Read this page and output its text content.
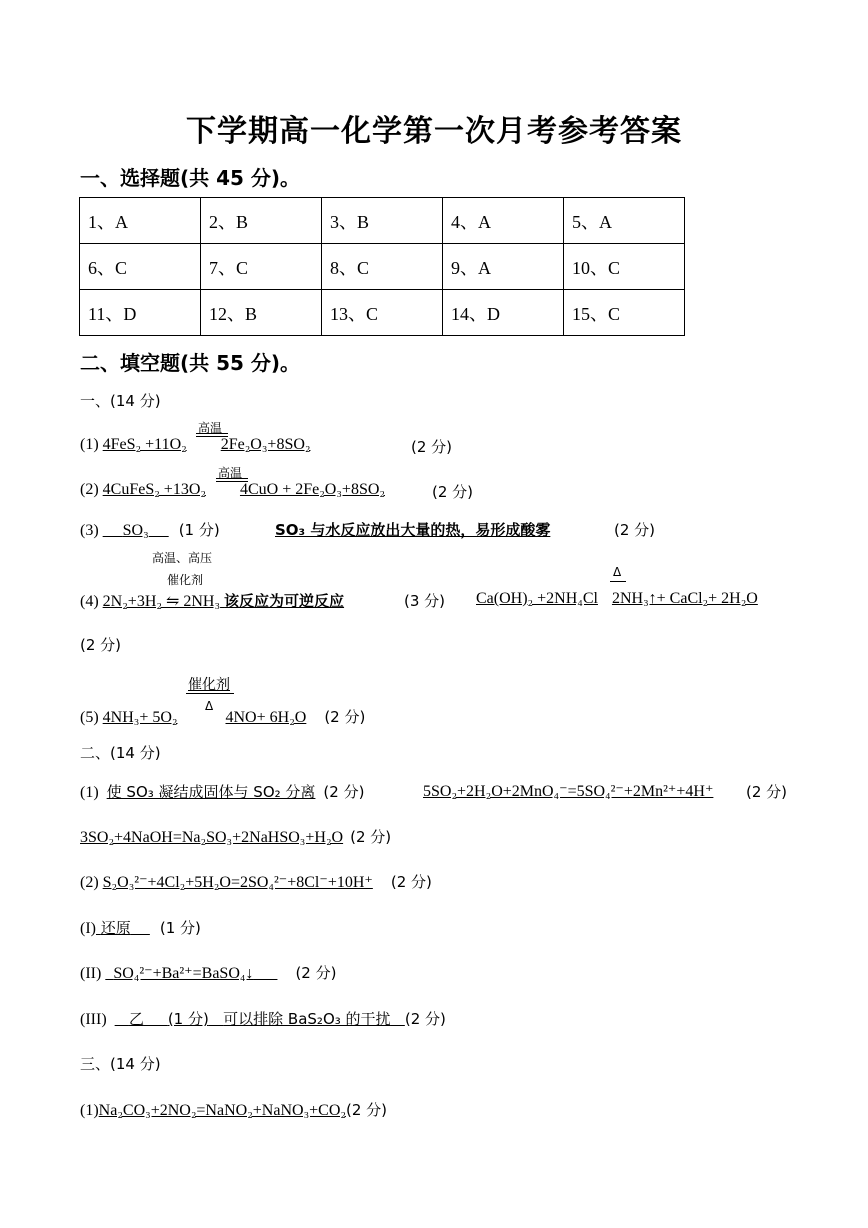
下学期高一化学第一次月考参考答案
一、选择题(共 45 分)。
1、A	2、B	3、B	4、A	5、A
6、C	7、C	8、C	9、A	10、C
11、D	12、B	13、C	14、D	15、C
二、填空题(共 55 分)。
一、(14 分)
高温
(1) 4FeS₂ +11O₂ 2Fe₂O₃+8SO₂	(2 分)
高温
(2) 4CuFeS₂ +13O₂ 4CuO + 2Fe₂O₃+8SO₂	(2 分)
(3) SO₃ (1 分)	SO₃ 与水反应放出大量的热，易形成酸雾	(2 分)
高温、高压
催化剂
Δ
(4) 2N₂+3H₂ ⇋ 2NH₃ 该反应为可逆反应	(3 分) Ca(OH)₂ +2NH₄Cl 2NH₃↑+ CaCl₂+ 2H₂O
(2 分)
催化剂
Δ
(5) 4NH₃+ 5O₂	4NO+ 6H₂O (2 分)
二、(14 分)
(1) 使 SO₃ 凝结成固体与 SO₂ 分离 (2 分)	5SO₂+2H₂O+2MnO₄⁻=5SO₄²⁻+2Mn²⁺+4H⁺ (2 分)
3SO₂+4NaOH=Na₂SO₃+2NaHSO₃+H₂O (2 分)
(2) S₂O₃²⁻+4Cl₂+5H₂O=2SO₄²⁻+8Cl⁻+10H⁺ (2 分)
(I) 还原 (1 分)
(II) SO₄²⁻+Ba²⁺=BaSO₄↓	(2 分)
(III) 乙 (1 分) 可以排除 BaS₂O₃ 的干扰 (2 分)
三、(14 分)
(1)Na₂CO₃+2NO₂=NaNO₂+NaNO₃+CO₂(2 分)
